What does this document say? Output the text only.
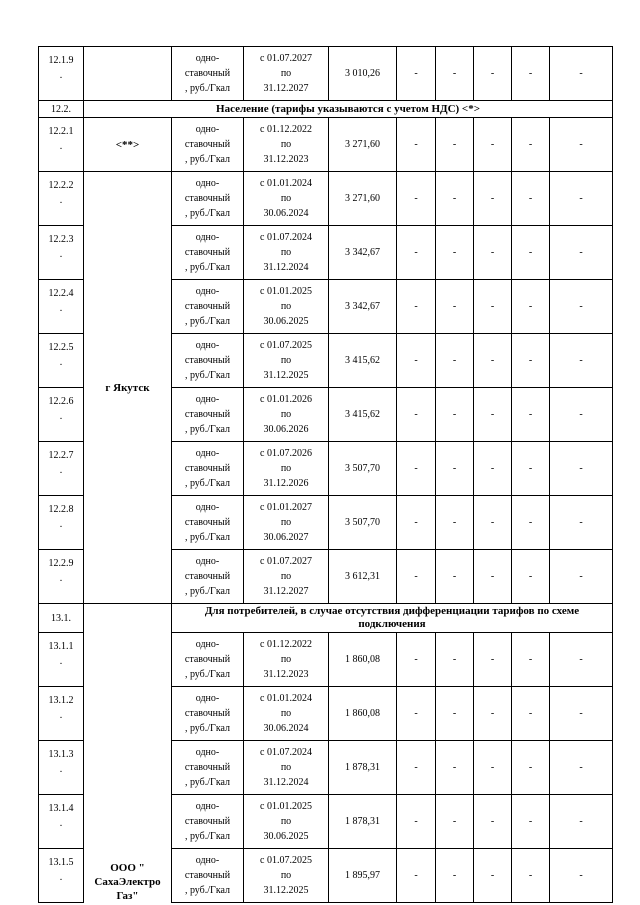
12.1.9
.		одно-
ставочный
, руб./Гкал	с 01.07.2027
по
31.12.2027	3 010,26	-	-	-	-	-
12.2.	Население (тарифы указываются с учетом НДС) <*>								
12.2.1
.	<**>	одно-
ставочный
, руб./Гкал	с 01.12.2022
по
31.12.2023	3 271,60	-	-	-	-	-
12.2.2
.	г Якутск	одно-
ставочный
, руб./Гкал	с 01.01.2024
по
30.06.2024	3 271,60	-	-	-	-	-
12.2.3
.		одно-
ставочный
, руб./Гкал	с 01.07.2024
по
31.12.2024	3 342,67	-	-	-	-	-
12.2.4
.		одно-
ставочный
, руб./Гкал	с 01.01.2025
по
30.06.2025	3 342,67	-	-	-	-	-
12.2.5
.		одно-
ставочный
, руб./Гкал	с 01.07.2025
по
31.12.2025	3 415,62	-	-	-	-	-
12.2.6
.		одно-
ставочный
, руб./Гкал	с 01.01.2026
по
30.06.2026	3 415,62	-	-	-	-	-
12.2.7
.		одно-
ставочный
, руб./Гкал	с 01.07.2026
по
31.12.2026	3 507,70	-	-	-	-	-
12.2.8
.		одно-
ставочный
, руб./Гкал	с 01.01.2027
по
30.06.2027	3 507,70	-	-	-	-	-
12.2.9
.		одно-
ставочный
, руб./Гкал	с 01.07.2027
по
31.12.2027	3 612,31	-	-	-	-	-
13.1.	ООО "
СахаЭлектро
Газ"	Для потребителей, в случае отсутствия дифференциации тарифов по схеме подключения							
13.1.1
.		одно-
ставочный
, руб./Гкал	с 01.12.2022
по
31.12.2023	1 860,08	-	-	-	-	-
13.1.2
.		одно-
ставочный
, руб./Гкал	с 01.01.2024
по
30.06.2024	1 860,08	-	-	-	-	-
13.1.3
.		одно-
ставочный
, руб./Гкал	с 01.07.2024
по
31.12.2024	1 878,31	-	-	-	-	-
13.1.4
.		одно-
ставочный
, руб./Гкал	с 01.01.2025
по
30.06.2025	1 878,31	-	-	-	-	-
13.1.5
.		одно-
ставочный
, руб./Гкал	с 01.07.2025
по
31.12.2025	1 895,97	-	-	-	-	-
